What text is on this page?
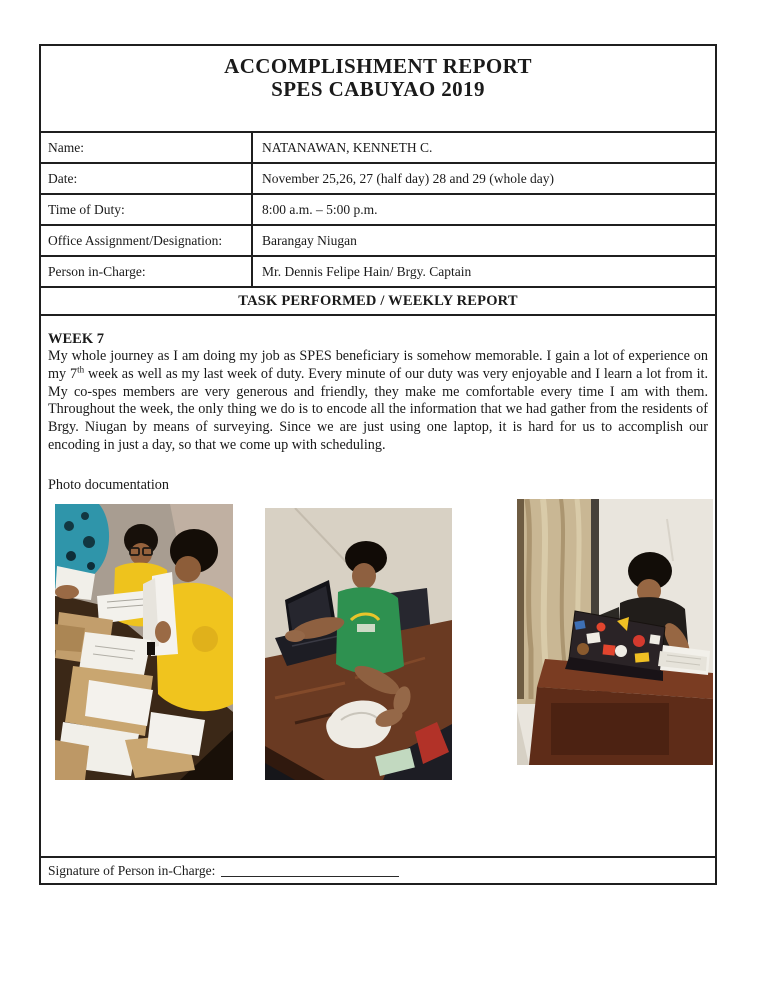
ACCOMPLISHMENT REPORT
SPES CABUYAO 2019
Name:	NATANAWAN, KENNETH C.
Date:	November 25,26, 27 (half day) 28 and 29 (whole day)
Time of Duty:	8:00 a.m. – 5:00 p.m.
Office Assignment/Designation:	Barangay Niugan
Person in-Charge:	Mr. Dennis Felipe Hain/ Brgy. Captain
TASK PERFORMED / WEEKLY REPORT
WEEK 7

My whole journey as I am doing my job as SPES beneficiary is somehow memorable. I gain a lot of experience on my 7th week as well as my last week of duty. Every minute of our duty was very enjoyable and I learn a lot from it. My co-spes members are very generous and friendly, they make me comfortable every time I am with them. Throughout the week, the only thing we do is to encode all the information that we had gather from the residents of Brgy. Niugan by means of surveying. Since we are just using one laptop, it is hard for us to accomplish our encoding in just a day, so that we come up with scheduling.

Photo documentation
Signature of Person in-Charge:
